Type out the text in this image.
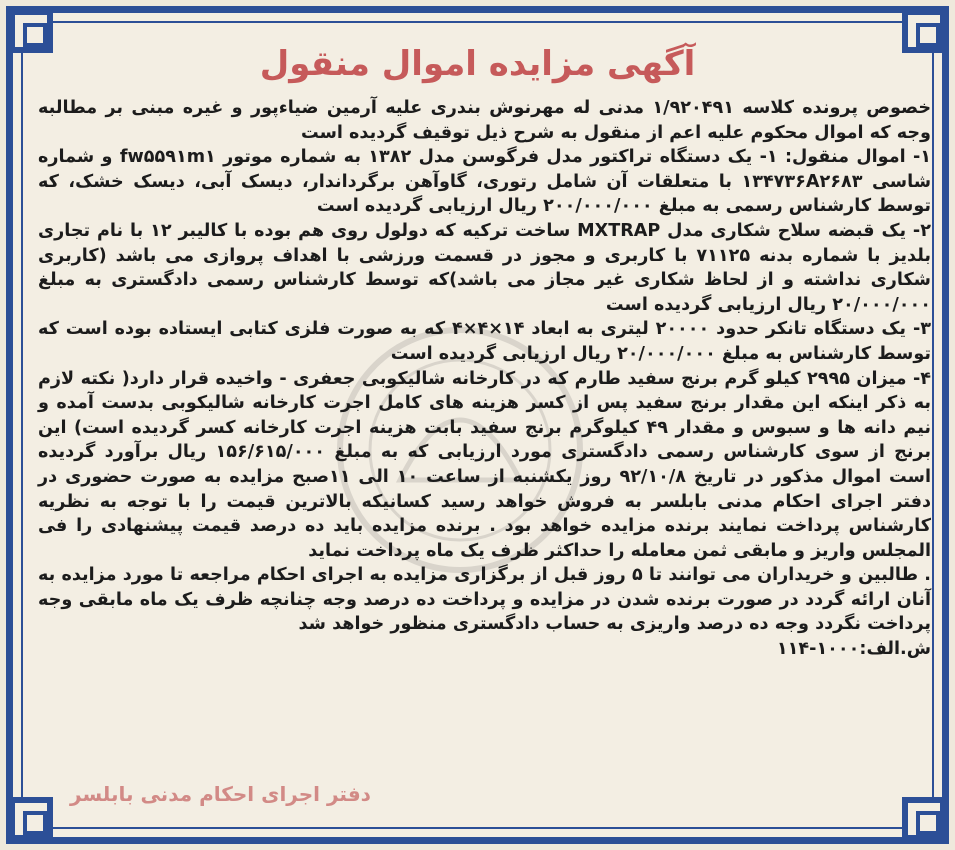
آگهی مزایده اموال منقول

خصوص پرونده کلاسه ۱/۹۲۰۴۹۱ مدنی له مهرنوش بندری علیه آرمین ضیاءپور و غیره مبنی بر مطالبه وجه که اموال محکوم علیه اعم از منقول به شرح ذیل توقیف گردیده است

۱- اموال منقول: ۱- یک دستگاه تراکتور مدل فرگوسن مدل ۱۳۸۲ به شماره موتور fw۵۵۹۱m۱ و شماره شاسی ۱۳۴۷۳۶A۲۶۸۳ با متعلقات آن شامل رتوری، گاوآهن برگرداندار، دیسک آبی، دیسک خشک، که توسط کارشناس رسمی به مبلغ ۲۰۰/۰۰۰/۰۰۰ ریال ارزیابی گردیده است

۲- یک قبضه سلاح شکاری مدل MXTRAP ساخت ترکیه که دولول روی هم بوده با کالیبر ۱۲ با نام تجاری بلدیز با شماره بدنه ۷۱۱۲۵ با کاربری و مجوز در قسمت ورزشی با اهداف پروازی می باشد (کاربری شکاری نداشته و از لحاظ شکاری غیر مجاز می باشد)که توسط کارشناس رسمی دادگستری به مبلغ ۲۰/۰۰۰/۰۰۰ ریال ارزیابی گردیده است

۳- یک دستگاه تانکر حدود ۲۰۰۰۰ لیتری به ابعاد ۱۴×۴×۴ که به صورت فلزی کتابی ایستاده بوده است که توسط کارشناس به مبلغ ۲۰/۰۰۰/۰۰۰ ریال ارزیابی گردیده است

۴- میزان ۲۹۹۵ کیلو گرم برنج سفید طارم که در کارخانه شالیکوبی جعفری - واخیده قرار دارد( نکته لازم به ذکر اینکه این مقدار برنج سفید پس از کسر هزینه های کامل اجرت کارخانه شالیکوبی بدست آمده و نیم دانه ها و سبوس و مقدار ۴۹ کیلوگرم برنج سفید بابت هزینه اجرت کارخانه کسر گردیده است) این برنج از سوی کارشناس رسمی دادگستری مورد ارزیابی که به مبلغ ۱۵۶/۶۱۵/۰۰۰ ریال برآورد گردیده است اموال مذکور در تاریخ ۹۲/۱۰/۸ روز یکشنبه از ساعت ۱۰ الی ۱۱صبح مزایده به صورت حضوری در دفتر اجرای احکام مدنی بابلسر به فروش خواهد رسید کسانیکه بالاترین قیمت را با توجه به نظریه کارشناس پرداخت نمایند برنده مزایده خواهد بود . برنده مزایده باید ده درصد قیمت پیشنهادی را فی المجلس واریز و مابقی ثمن معامله را حداکثر ظرف یک ماه پرداخت نماید

. طالبین و خریداران می توانند تا ۵ روز قبل از برگزاری مزایده به اجرای احکام مراجعه تا مورد مزایده به آنان ارائه گردد در صورت برنده شدن در مزایده و پرداخت ده درصد وجه چنانچه ظرف یک ماه مابقی وجه پرداخت نگردد وجه ده درصد واریزی به حساب دادگستری منظور خواهد شد

ش.الف:۱۰۰۰-۱۱۴

دفتر اجرای احکام مدنی بابلسر
